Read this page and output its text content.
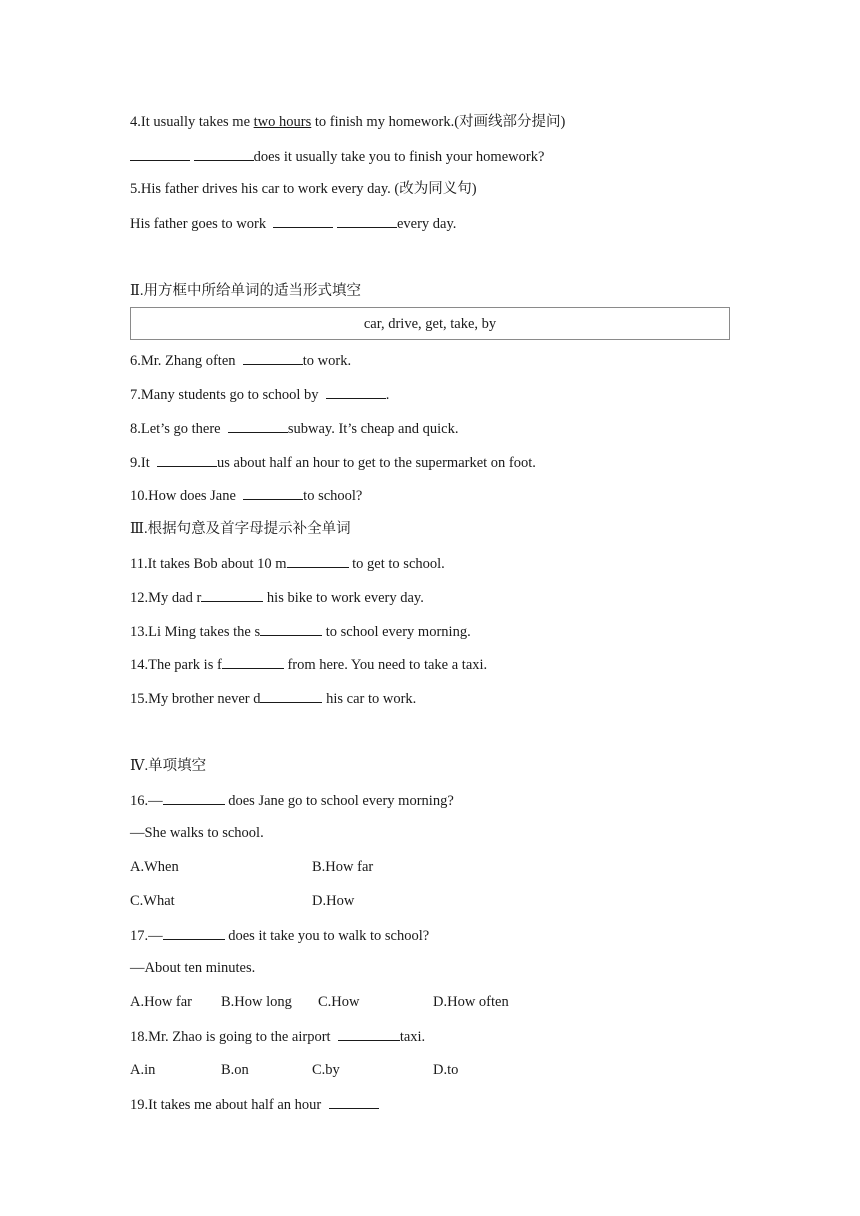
4.It usually takes me two hours to finish my homework.(对画线部分提问)
does it usually take you to finish your homework?
5.His father drives his car to work every day. (改为同义句)
His father goes to work	every day.
Ⅱ.用方框中所给单词的适当形式填空
car, drive, get, take, by
6.Mr. Zhang often	to work.
7.Many students go to school by	.
8.Let’s go there	subway. It’s cheap and quick.
9.It	us about half an hour to get to the supermarket on foot.
10.How does Jane	to school?
Ⅲ.根据句意及首字母提示补全单词
11.It takes Bob about 10 m	to get to school.
12.My dad r	his bike to work every day.
13.Li Ming takes the s	to school every morning.
14.The park is f	from here. You need to take a taxi.
15.My brother never d	his car to work.
Ⅳ.单项填空
16.—	does Jane go to school every morning?
—She walks to school.
A.When	B.How far
C.What	D.How
17.—	does it take you to walk to school?
—About ten minutes.
A.How far B.How long C.How	D.How often
18.Mr. Zhao is going to the airport	taxi.
A.in	B.on	C.by	D.to
19.It takes me about half an hour
